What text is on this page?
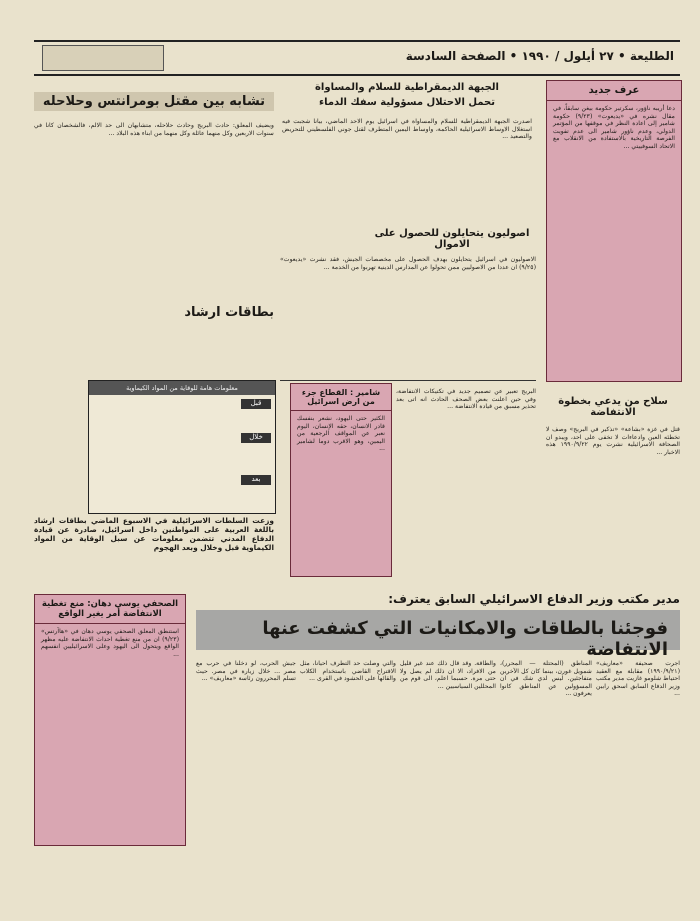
الطليعة • ٢٧ أيلول / ١٩٩٠ • الصفحة السادسة
عرف جديد
دعا أريبه ناؤور، سكرتير حكومة بيغن سابقاً، في مقال نشره في «يديعوت» (٩/٢٣) حكومة شامير إلى اعادة النظر في موقفها من المؤتمر الدولي، وعدم ناؤور شامير الى عدم تفويت الفرصة التاريخية بالاستفادة من الانقلاب مع الاتحاد السوفييتي ...
الجبهة الديمقراطية للسلام والمساواة
تحمل الاحتلال مسؤولية سفك الدماء
اصدرت الجبهة الديمقراطية للسلام والمساواة في اسرائيل يوم الاحد الماضي، بيانا شجبت فيه استغلال الاوساط الاسرائيلية الحاكمة، واوساط اليمين المتطرف لقتل جوني الفلسطيني للتحريض والتصعيد ...
تشابه بين مقتل بومرانتس وحلاحله
ويضيف المعلق: حادث البريج وحادث حلاحله، متشابهان الى حد الالم، فالشخصان كانا في سنوات الاربعين وكل منهما عائلة وكل منهما من ابناء هذه البلاد ...
اصوليون يتحايلون للحصول على الاموال
الاصوليون في اسرائيل يتحايلون بهدف الحصول على مخصصات الجيش، فقد نشرت «يديعوت» (٩/٢٥) ان عددا من الاصوليين ممن تحولوا عن المدارس الدينية تهربوا من الخدمة ...
شامير : القطاع جزء من ارض اسرائيل
الكثير حتى اليهود، نشعر بنفسك قادر الانسان، حقه الإنسان، اليوم نعبر عن المواقف الرجعية من اليمين، وهو الاقرب دوما لشامير ...
البريج تعبير عن تصميم جديد في تكتيكات الانتفاضة، وفي حين اعلنت بعض الصحف الحادث انه اتى بعد تحذير مسبق من قيادة الانتفاضة ...	سلاح من يدعي بخطوة الانتفاضة
قتل في غزة «بشاعة» «تذكير في البريج» وصف لا تخطئه العين وادعاءات لا تخفى على احد، ويبدو ان الصحافة الاسرائيلية نشرت يوم ١٩٩٠/٩/٢٢ هذه الاخبار ...
بطاقات ارشاد
معلومات هامة للوقاية من المواد الكيماوية
قبل
خلال
بعد
وزعت السلطات الاسرائيلية في الاسبوع الماضي بطاقات ارشاد باللغة العربية على المواطنين داخل اسرائيل، صادرة عن قيادة الدفاع المدني تتضمن معلومات عن سبل الوقاية من المواد الكيماوية قبل وخلال وبعد الهجوم
مدير مكتب وزير الدفاع الاسرائيلي السابق يعترف:
فوجئنا بالطاقات والامكانيات التي كشفت عنها الانتفاضة
الصحفي يوسي دهان: منع تغطية الانتفاضة أمر يغير الواقع
استنطق المعلق الصحفي يوسي دهان في «هاآرتس» (٩/٢٣) ان من منع تغطية احداث الانتفاضة عليه مظهر الواقع ويتحول الى اليهود وعلى الاسرائيليين انفسهم ...
اجرت صحيفة «معاريف» (١٩٩٠/٩/٢١) مقابلة مع العقيد احتياط شلومو غازيت مدير مكتب وزير الدفاع السابق اسحق رابين ...
المناطق (المحتلة — المحرر)، شمويل غورن، بينما كان كل الآخرين متفاجئين. ليس لدي شك في ان المسؤولين عن المناطق كانوا يعرفون ...
والطاقة. وقد قال ذلك عند غير قليل من الافراد، الا ان ذلك لم يصل ولا حتى مرة. حسبما اعلم، الى قوم من المحللين السياسيين ...
والتي وصلت حد التطرف احيانا، مثل الاقتراح القاضي باستخدام الكلاب والقائها على الحشود في القرى ...
جيش الحرب، لو دخلنا في حرب مع مصر ... خلال زيارة في مصر. حيث تسلم المحررون رئاسة «معاريف» ...
